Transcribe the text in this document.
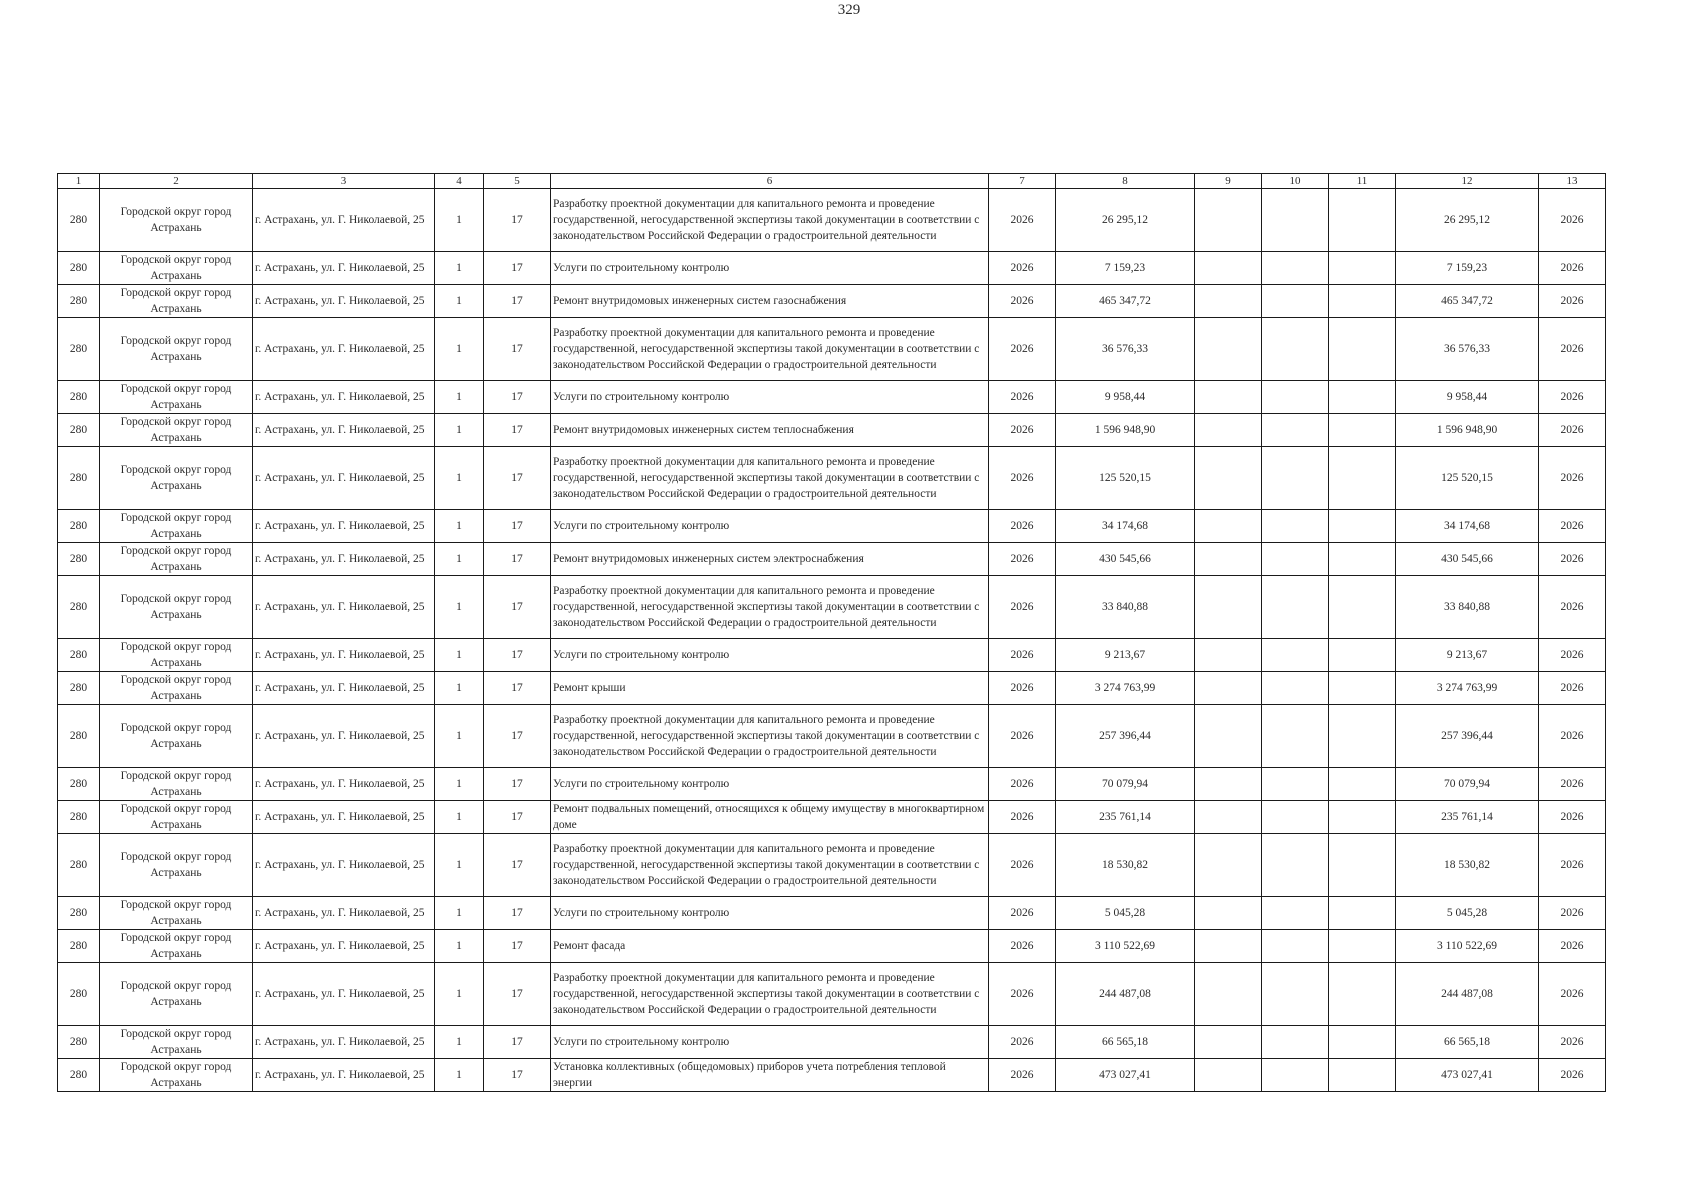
329
1	2	3	4	5	6	7	8	9	10	11	12	13
280	Городской округ город Астрахань	г. Астрахань, ул. Г. Николаевой, 25	1	17	Разработку проектной документации для капитального ремонта и проведение государственной, негосударственной экспертизы такой документации в соответствии с законодательством Российской Федерации о градостроительной деятельности	2026	26 295,12				26 295,12	2026
280	Городской округ город Астрахань	г. Астрахань, ул. Г. Николаевой, 25	1	17	Услуги по строительному контролю	2026	7 159,23				7 159,23	2026
280	Городской округ город Астрахань	г. Астрахань, ул. Г. Николаевой, 25	1	17	Ремонт внутридомовых инженерных систем газоснабжения	2026	465 347,72				465 347,72	2026
280	Городской округ город Астрахань	г. Астрахань, ул. Г. Николаевой, 25	1	17	Разработку проектной документации для капитального ремонта и проведение государственной, негосударственной экспертизы такой документации в соответствии с законодательством Российской Федерации о градостроительной деятельности	2026	36 576,33				36 576,33	2026
280	Городской округ город Астрахань	г. Астрахань, ул. Г. Николаевой, 25	1	17	Услуги по строительному контролю	2026	9 958,44				9 958,44	2026
280	Городской округ город Астрахань	г. Астрахань, ул. Г. Николаевой, 25	1	17	Ремонт внутридомовых инженерных систем теплоснабжения	2026	1 596 948,90				1 596 948,90	2026
280	Городской округ город Астрахань	г. Астрахань, ул. Г. Николаевой, 25	1	17	Разработку проектной документации для капитального ремонта и проведение государственной, негосударственной экспертизы такой документации в соответствии с законодательством Российской Федерации о градостроительной деятельности	2026	125 520,15				125 520,15	2026
280	Городской округ город Астрахань	г. Астрахань, ул. Г. Николаевой, 25	1	17	Услуги по строительному контролю	2026	34 174,68				34 174,68	2026
280	Городской округ город Астрахань	г. Астрахань, ул. Г. Николаевой, 25	1	17	Ремонт внутридомовых инженерных систем электроснабжения	2026	430 545,66				430 545,66	2026
280	Городской округ город Астрахань	г. Астрахань, ул. Г. Николаевой, 25	1	17	Разработку проектной документации для капитального ремонта и проведение государственной, негосударственной экспертизы такой документации в соответствии с законодательством Российской Федерации о градостроительной деятельности	2026	33 840,88				33 840,88	2026
280	Городской округ город Астрахань	г. Астрахань, ул. Г. Николаевой, 25	1	17	Услуги по строительному контролю	2026	9 213,67				9 213,67	2026
280	Городской округ город Астрахань	г. Астрахань, ул. Г. Николаевой, 25	1	17	Ремонт крыши	2026	3 274 763,99				3 274 763,99	2026
280	Городской округ город Астрахань	г. Астрахань, ул. Г. Николаевой, 25	1	17	Разработку проектной документации для капитального ремонта и проведение государственной, негосударственной экспертизы такой документации в соответствии с законодательством Российской Федерации о градостроительной деятельности	2026	257 396,44				257 396,44	2026
280	Городской округ город Астрахань	г. Астрахань, ул. Г. Николаевой, 25	1	17	Услуги по строительному контролю	2026	70 079,94				70 079,94	2026
280	Городской округ город Астрахань	г. Астрахань, ул. Г. Николаевой, 25	1	17	Ремонт подвальных помещений, относящихся к общему имуществу в многоквартирном доме	2026	235 761,14				235 761,14	2026
280	Городской округ город Астрахань	г. Астрахань, ул. Г. Николаевой, 25	1	17	Разработку проектной документации для капитального ремонта и проведение государственной, негосударственной экспертизы такой документации в соответствии с законодательством Российской Федерации о градостроительной деятельности	2026	18 530,82				18 530,82	2026
280	Городской округ город Астрахань	г. Астрахань, ул. Г. Николаевой, 25	1	17	Услуги по строительному контролю	2026	5 045,28				5 045,28	2026
280	Городской округ город Астрахань	г. Астрахань, ул. Г. Николаевой, 25	1	17	Ремонт фасада	2026	3 110 522,69				3 110 522,69	2026
280	Городской округ город Астрахань	г. Астрахань, ул. Г. Николаевой, 25	1	17	Разработку проектной документации для капитального ремонта и проведение государственной, негосударственной экспертизы такой документации в соответствии с законодательством Российской Федерации о градостроительной деятельности	2026	244 487,08				244 487,08	2026
280	Городской округ город Астрахань	г. Астрахань, ул. Г. Николаевой, 25	1	17	Услуги по строительному контролю	2026	66 565,18				66 565,18	2026
280	Городской округ город Астрахань	г. Астрахань, ул. Г. Николаевой, 25	1	17	Установка коллективных (общедомовых) приборов учета потребления тепловой энергии	2026	473 027,41				473 027,41	2026
